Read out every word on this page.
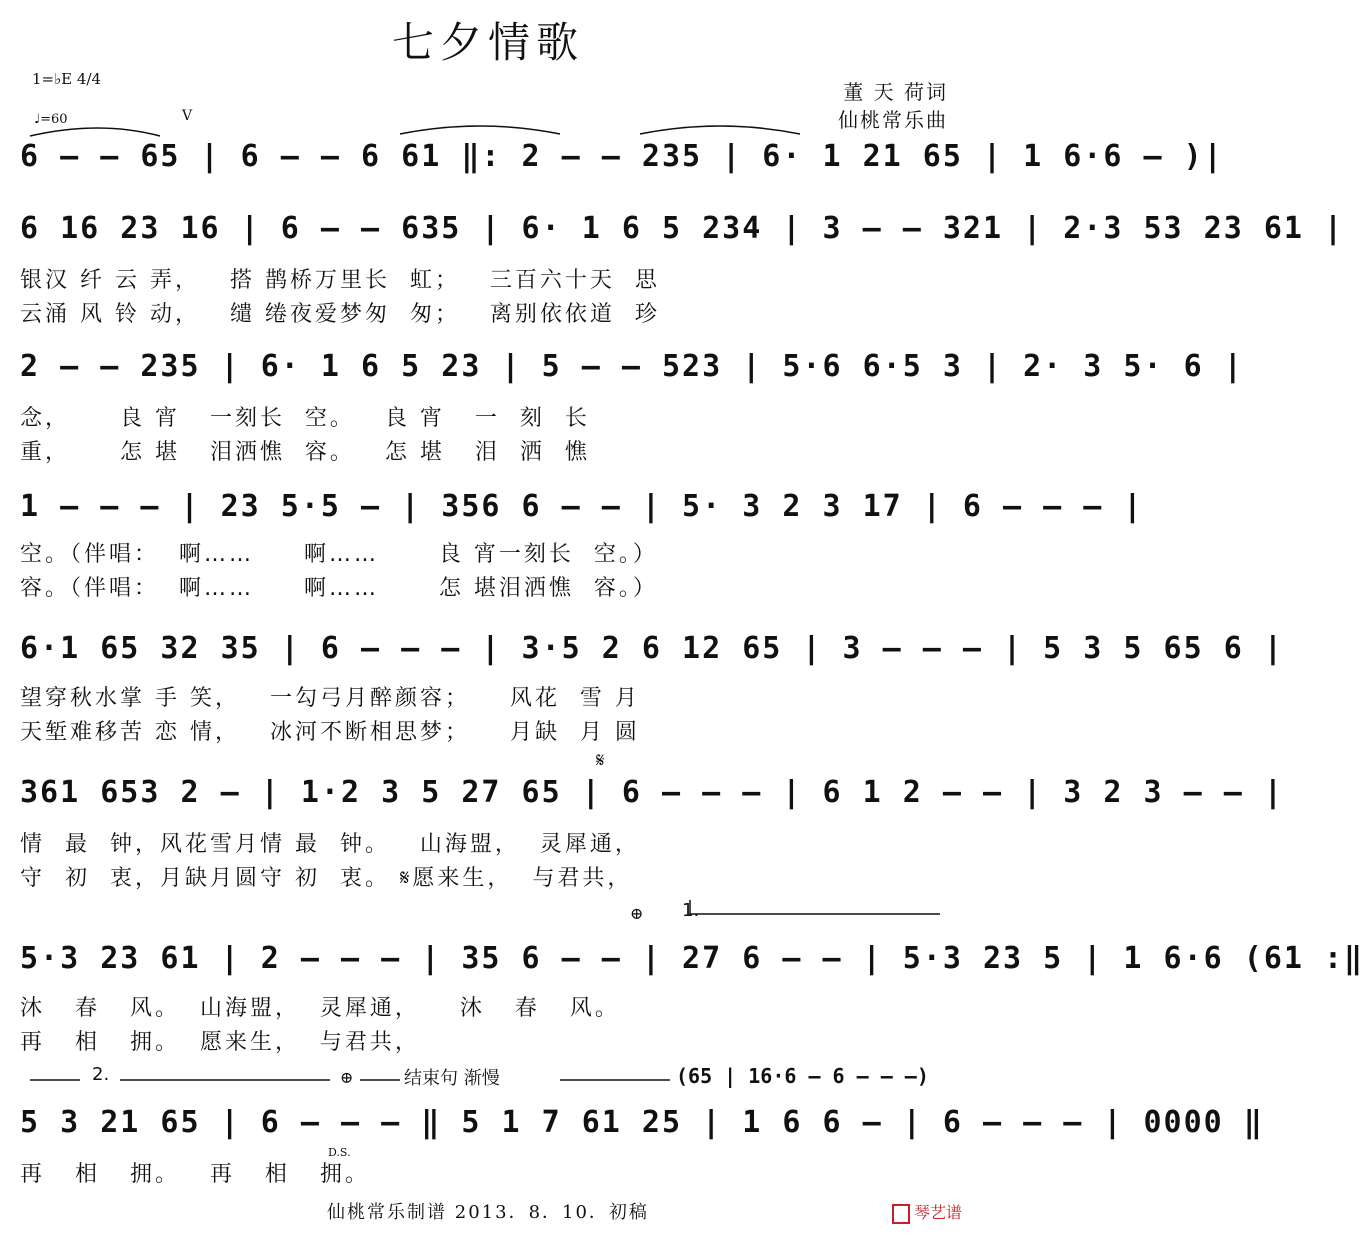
七夕情歌
董 天 荷词
仙桃常乐曲
1=♭E 4/4
♩=60	V
6 — — 65 | 6 — — 6 61 ‖: 2 — — 235 | 6· 1 21 65 | 1 6·6 — )|
6 16 23 16 | 6 — — 635 | 6· 1 6 5 234 | 3 — — 321 | 2·3 53 23 61 |
银汉 纤 云 弄，   搭 鹊桥万里长  虹；   三百六十天  思
云涌 风 铃 动，   缱 绻夜爱梦匆  匆；   离别依依道  珍
2 — — 235 | 6· 1 6 5 23 | 5 — — 523 | 5·6 6·5 3 | 2· 3 5· 6 |
念，     良 宵   一刻长  空。   良 宵   一  刻  长
重，     怎 堪   泪洒憔  容。   怎 堪   泪  洒  憔
1 — — — | 23 5·5 — | 356 6 — — | 5· 3 2 3 17 | 6 — — — |
空。（伴唱：  啊……     啊……      良 宵一刻长  空。）
容。（伴唱：  啊……     啊……      怎 堪泪洒憔  容。）
6·1 65 32 35 | 6 — — — | 3·5 2 6 12 65 | 3 — — — | 5 3 5 65 6 |
望穿秋水掌 手 笑，   一勾弓月醉颜容；    风花  雪 月
天堑难移苦 恋 情，   冰河不断相思梦；    月缺  月 圆
𝄋
361 653 2 — | 1·2 3 5 27 65 | 6 — — — | 6 1 2 — — | 3 2 3 — — |
情  最  钟，风花雪月情 最  钟。   山海盟，  灵犀通，
守  初  衷，月缺月圆守 初  衷。 𝄋愿来生，  与君共，
⊕ 1.
5·3 23 61 | 2 — — — | 35 6 — — | 27 6 — — | 5·3 23 5 | 1 6·6 (61 :‖
沐   春   风。  山海盟，  灵犀通，    沐   春   风。
再   相   拥。  愿来生，  与君共，
2.	⊕	结束句 渐慢	(65 | 16·6 — 6 — — —)
5 3 21 65 | 6 — — — ‖ 5 1 7 61 25 | 1 6 6 — | 6 — — — | 0000 ‖
D.S.
再   相   拥。   再   相   拥。
仙桃常乐制谱 2013．8．10．初稿	琴艺谱
